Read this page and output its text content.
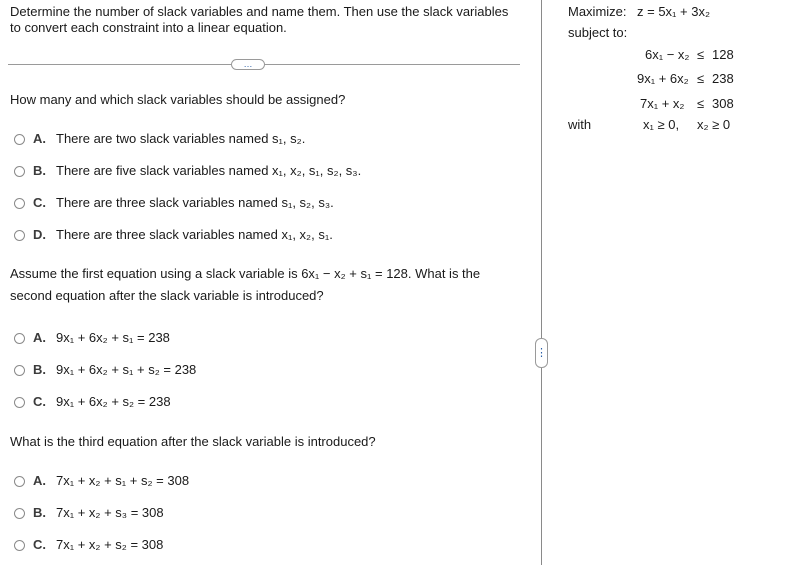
Determine the number of slack variables and name them. Then use the slack variables
to convert each constraint into a linear equation.
…
How many and which slack variables should be assigned?
A. There are two slack variables named s₁, s₂.
B. There are five slack variables named x₁, x₂, s₁, s₂, s₃.
C. There are three slack variables named s₁, s₂, s₃.
D. There are three slack variables named x₁, x₂, s₁.
Assume the first equation using a slack variable is 6x₁ − x₂ + s₁ = 128. What is the
second equation after the slack variable is introduced?
A. 9x₁ + 6x₂ + s₁ = 238
B. 9x₁ + 6x₂ + s₁ + s₂ = 238
C. 9x₁ + 6x₂ + s₂ = 238
What is the third equation after the slack variable is introduced?
A. 7x₁ + x₂ + s₁ + s₂ = 308
B. 7x₁ + x₂ + s₃ = 308
C. 7x₁ + x₂ + s₂ = 308
⋮
Maximize: z = 5x₁ + 3x₂
subject to:
6x₁ − x₂ ≤ 128
9x₁ + 6x₂ ≤ 238
7x₁ + x₂ ≤ 308
with	x₁ ≥ 0, x₂ ≥ 0
